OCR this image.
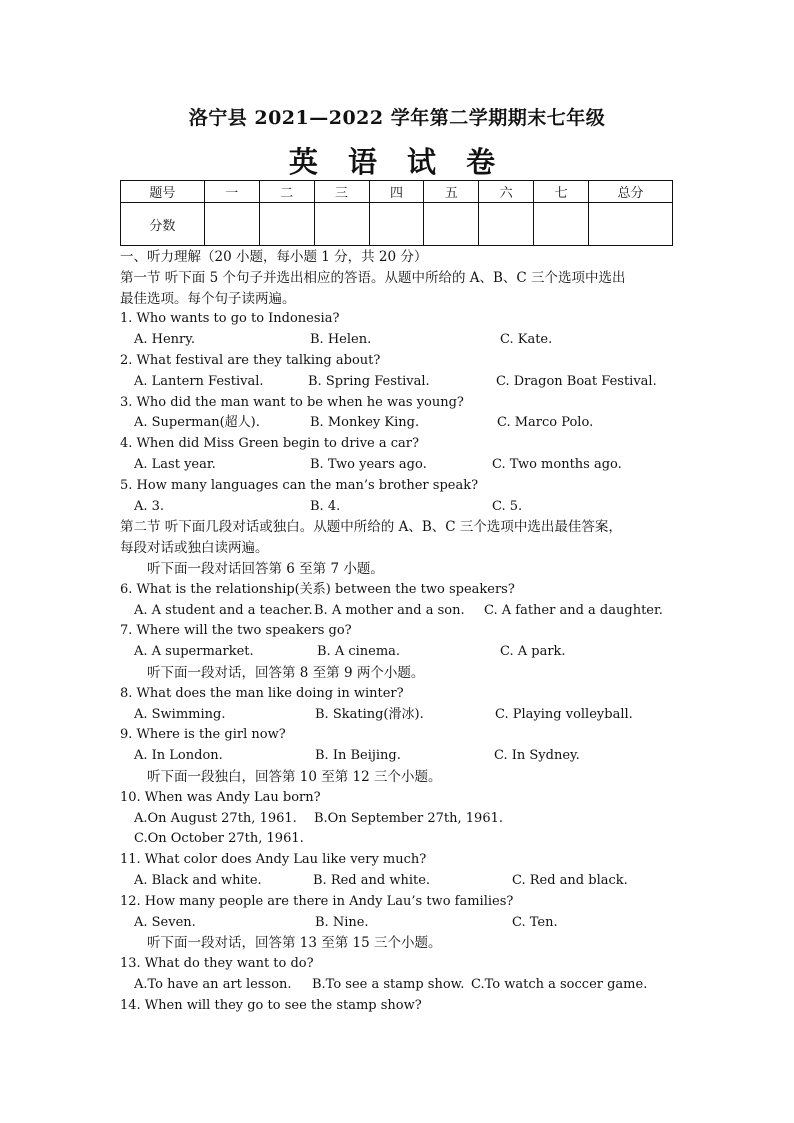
洛宁县 2021—2022 学年第二学期期末七年级
英 语 试 卷
题号	一	二	三	四	五	六	七	总分
分数								
一、听力理解（20 小题，每小题 1 分，共 20 分）
第一节 听下面 5 个句子并选出相应的答语。从题中所给的 A、B、C 三个选项中选出
最佳选项。每个句子读两遍。
1. Who wants to go to Indonesia?
A. Henry.	B. Helen.	C. Kate.
2. What festival are they talking about?
A. Lantern Festival.	B. Spring Festival.	C. Dragon Boat Festival.
3. Who did the man want to be when he was young?
A. Superman(超人).	B. Monkey King.	C. Marco Polo.
4. When did Miss Green begin to drive a car?
A. Last year.	B. Two years ago.	C. Two months ago.
5. How many languages can the man’s brother speak?
A. 3.	B. 4.	C. 5.
第二节 听下面几段对话或独白。从题中所给的 A、B、C 三个选项中选出最佳答案，
每段对话或独白读两遍。
听下面一段对话回答第 6 至第 7 小题。
6. What is the relationship(关系) between the two speakers?
A. A student and a teacher. B. A mother and a son. C. A father and a daughter.
7. Where will the two speakers go?
A. A supermarket.	B. A cinema.	C. A park.
听下面一段对话，回答第 8 至第 9 两个小题。
8. What does the man like doing in winter?
A. Swimming.	B. Skating(滑冰).	C. Playing volleyball.
9. Where is the girl now?
A. In London.	B. In Beijing.	C. In Sydney.
听下面一段独白，回答第 10 至第 12 三个小题。
10. When was Andy Lau born?
A.On August 27th, 1961. B.On September 27th, 1961.
C.On October 27th, 1961.
11. What color does Andy Lau like very much?
A. Black and white.	B. Red and white.	C. Red and black.
12. How many people are there in Andy Lau’s two families?
A. Seven.	B. Nine.	C. Ten.
听下面一段对话，回答第 13 至第 15 三个小题。
13. What do they want to do?
A.To have an art lesson. B.To see a stamp show. C.To watch a soccer game.
14. When will they go to see the stamp show?
